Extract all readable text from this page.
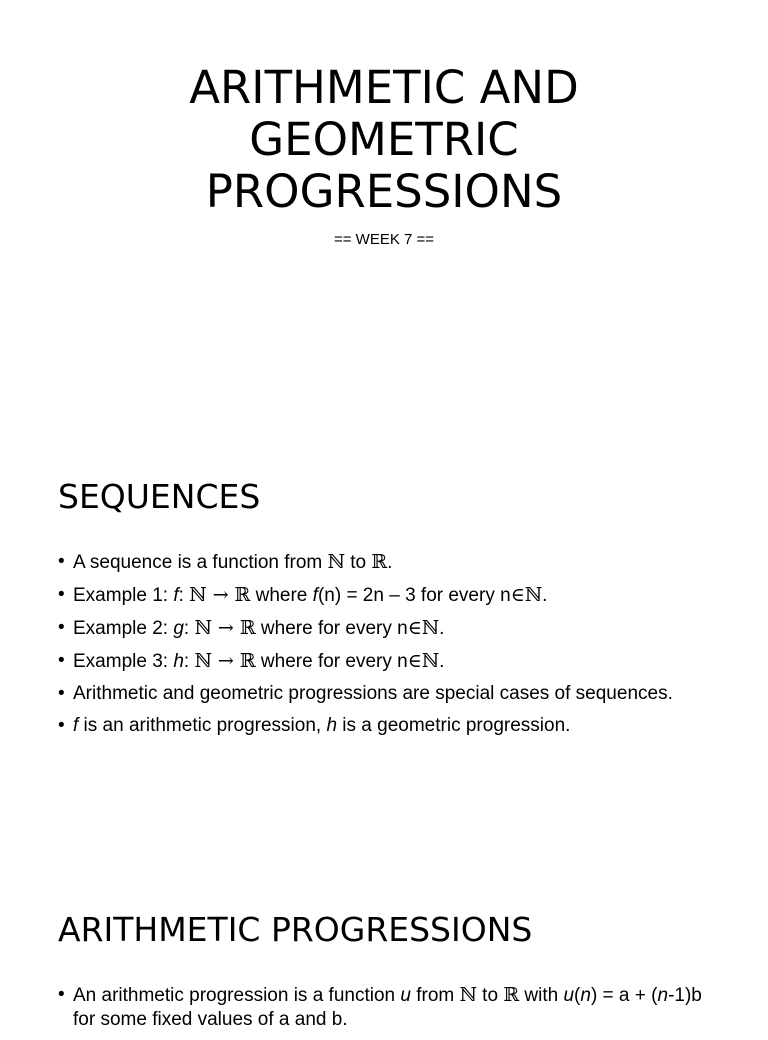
ARITHMETIC AND
GEOMETRIC
PROGRESSIONS
== WEEK 7 ==
SEQUENCES
• A sequence is a function from ℕ to ℝ.
• Example 1: f: ℕ → ℝ where f(n) = 2n – 3 for every n∈ℕ.
• Example 2: g: ℕ → ℝ where for every n∈ℕ.
• Example 3: h: ℕ → ℝ where for every n∈ℕ.
• Arithmetic and geometric progressions are special cases of sequences.
• f is an arithmetic progression, h is a geometric progression.
ARITHMETIC PROGRESSIONS
• An arithmetic progression is a function u from ℕ to ℝ with u(n) = a + (n-1)b for some fixed values of a and b.
